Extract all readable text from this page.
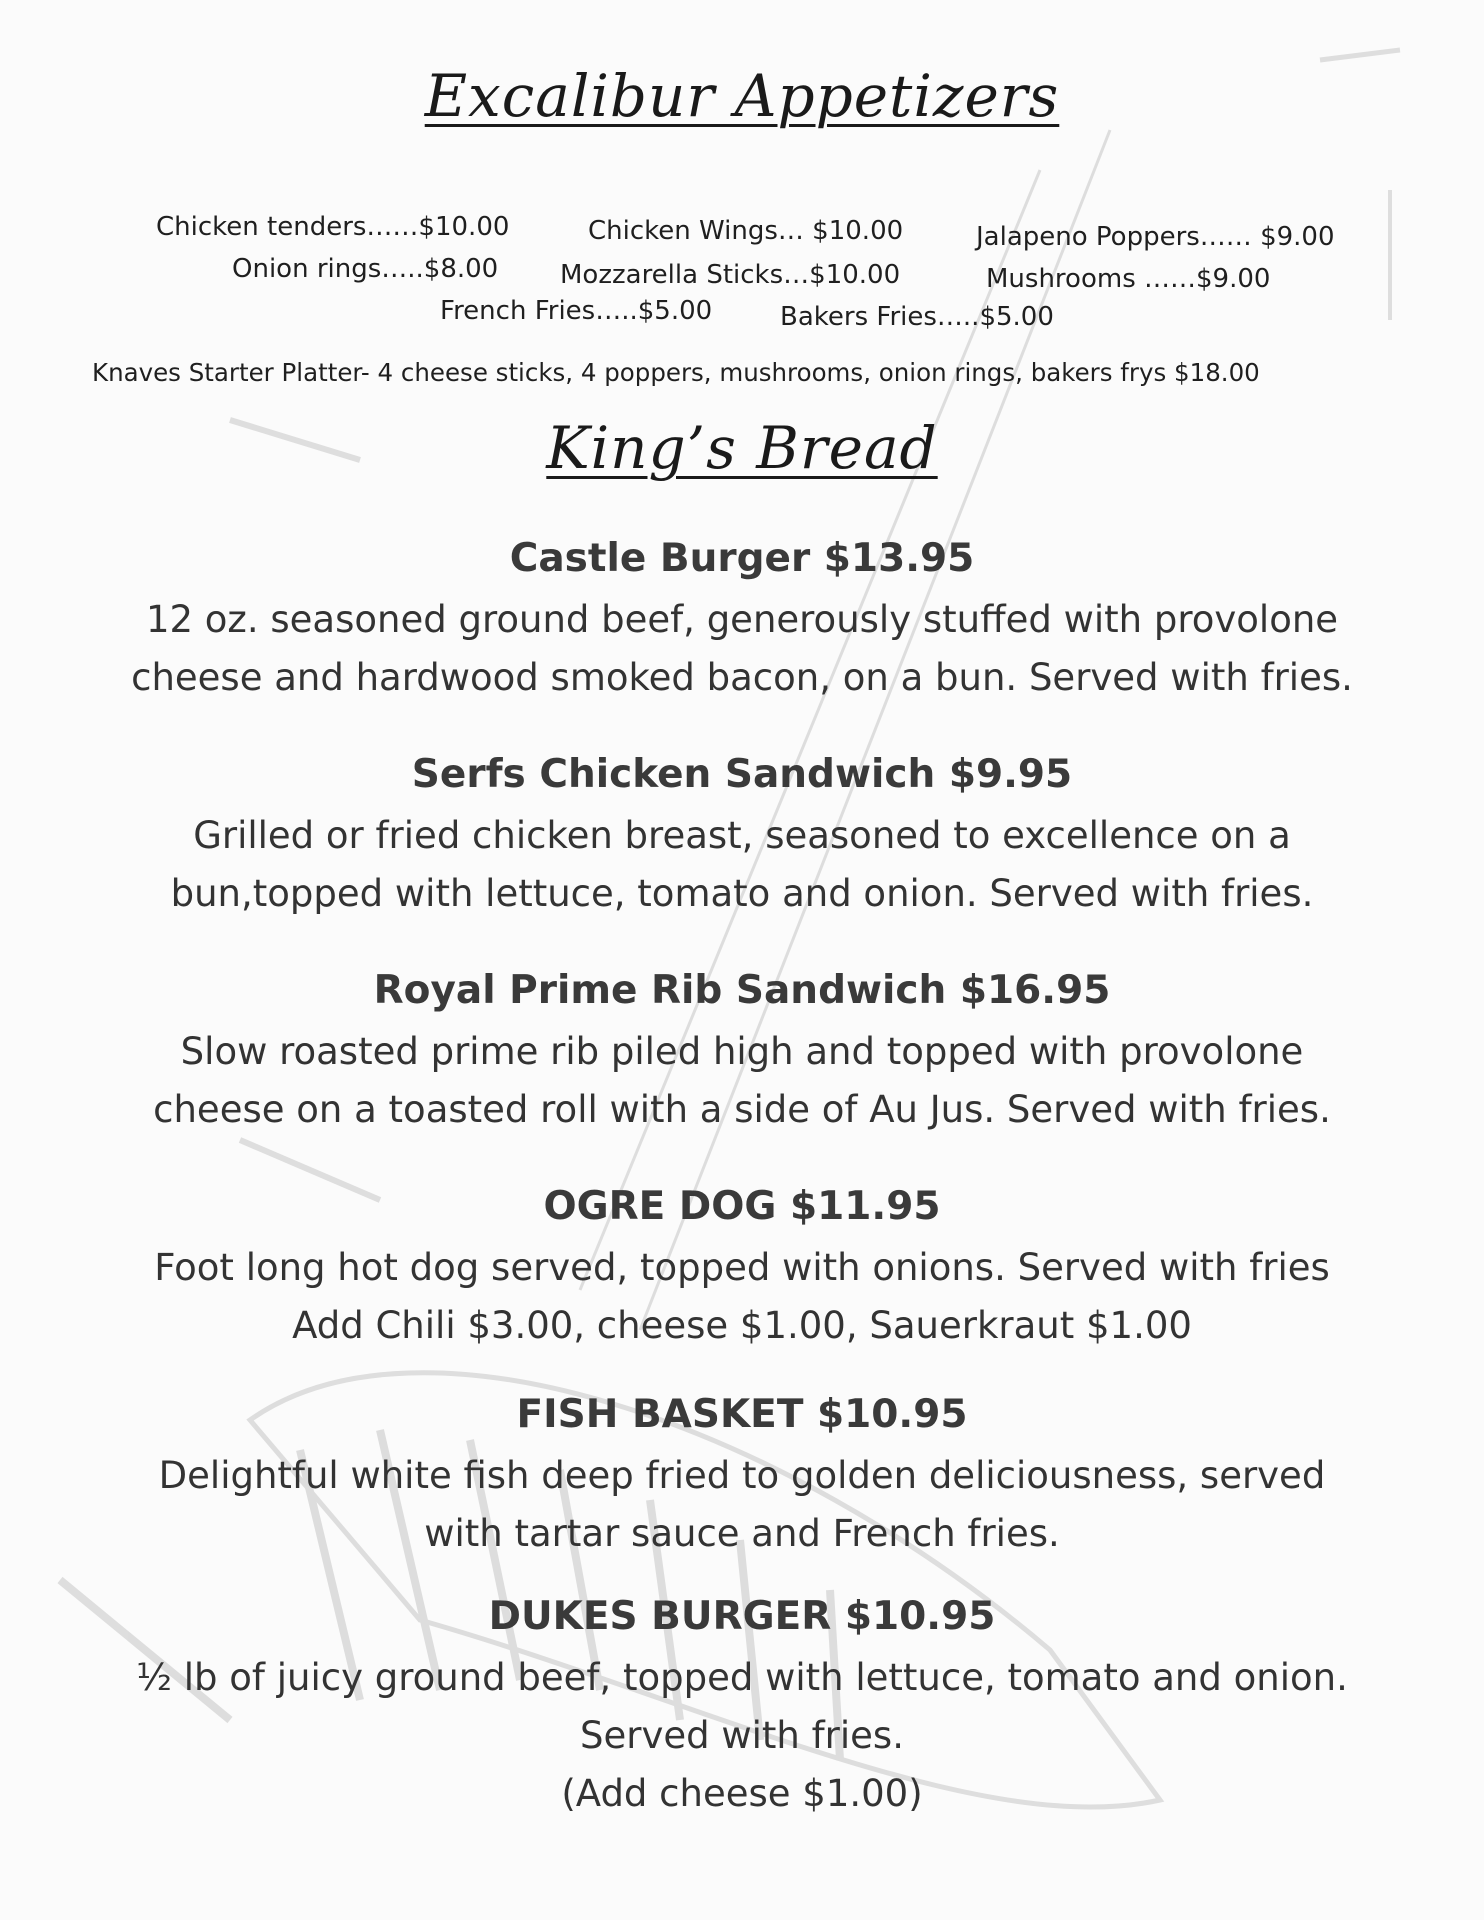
Excalibur Appetizers
Chicken tenders……$10.00	Chicken Wings… $10.00	Jalapeno Poppers…… $9.00
Onion rings…..$8.00 Mozzarella Sticks…$10.00	Mushrooms ……$9.00
French Fries…..$5.00	Bakers Fries…..$5.00
Knaves Starter Platter- 4 cheese sticks, 4 poppers, mushrooms, onion rings, bakers frys $18.00
King’s Bread
Castle Burger $13.95
12 oz. seasoned ground beef, generously stuffed with provolone
cheese and hardwood smoked bacon, on a bun. Served with fries.
Serfs Chicken Sandwich $9.95
Grilled or fried chicken breast, seasoned to excellence on a
bun,topped with lettuce, tomato and onion. Served with fries.
Royal Prime Rib Sandwich $16.95
Slow roasted prime rib piled high and topped with provolone
cheese on a toasted roll with a side of Au Jus. Served with fries.
OGRE DOG $11.95
Foot long hot dog served, topped with onions. Served with fries
Add Chili $3.00, cheese $1.00, Sauerkraut $1.00
FISH BASKET $10.95
Delightful white fish deep fried to golden deliciousness, served
with tartar sauce and French fries.
DUKES BURGER $10.95
½ lb of juicy ground beef, topped with lettuce, tomato and onion.
Served with fries.
(Add cheese $1.00)
